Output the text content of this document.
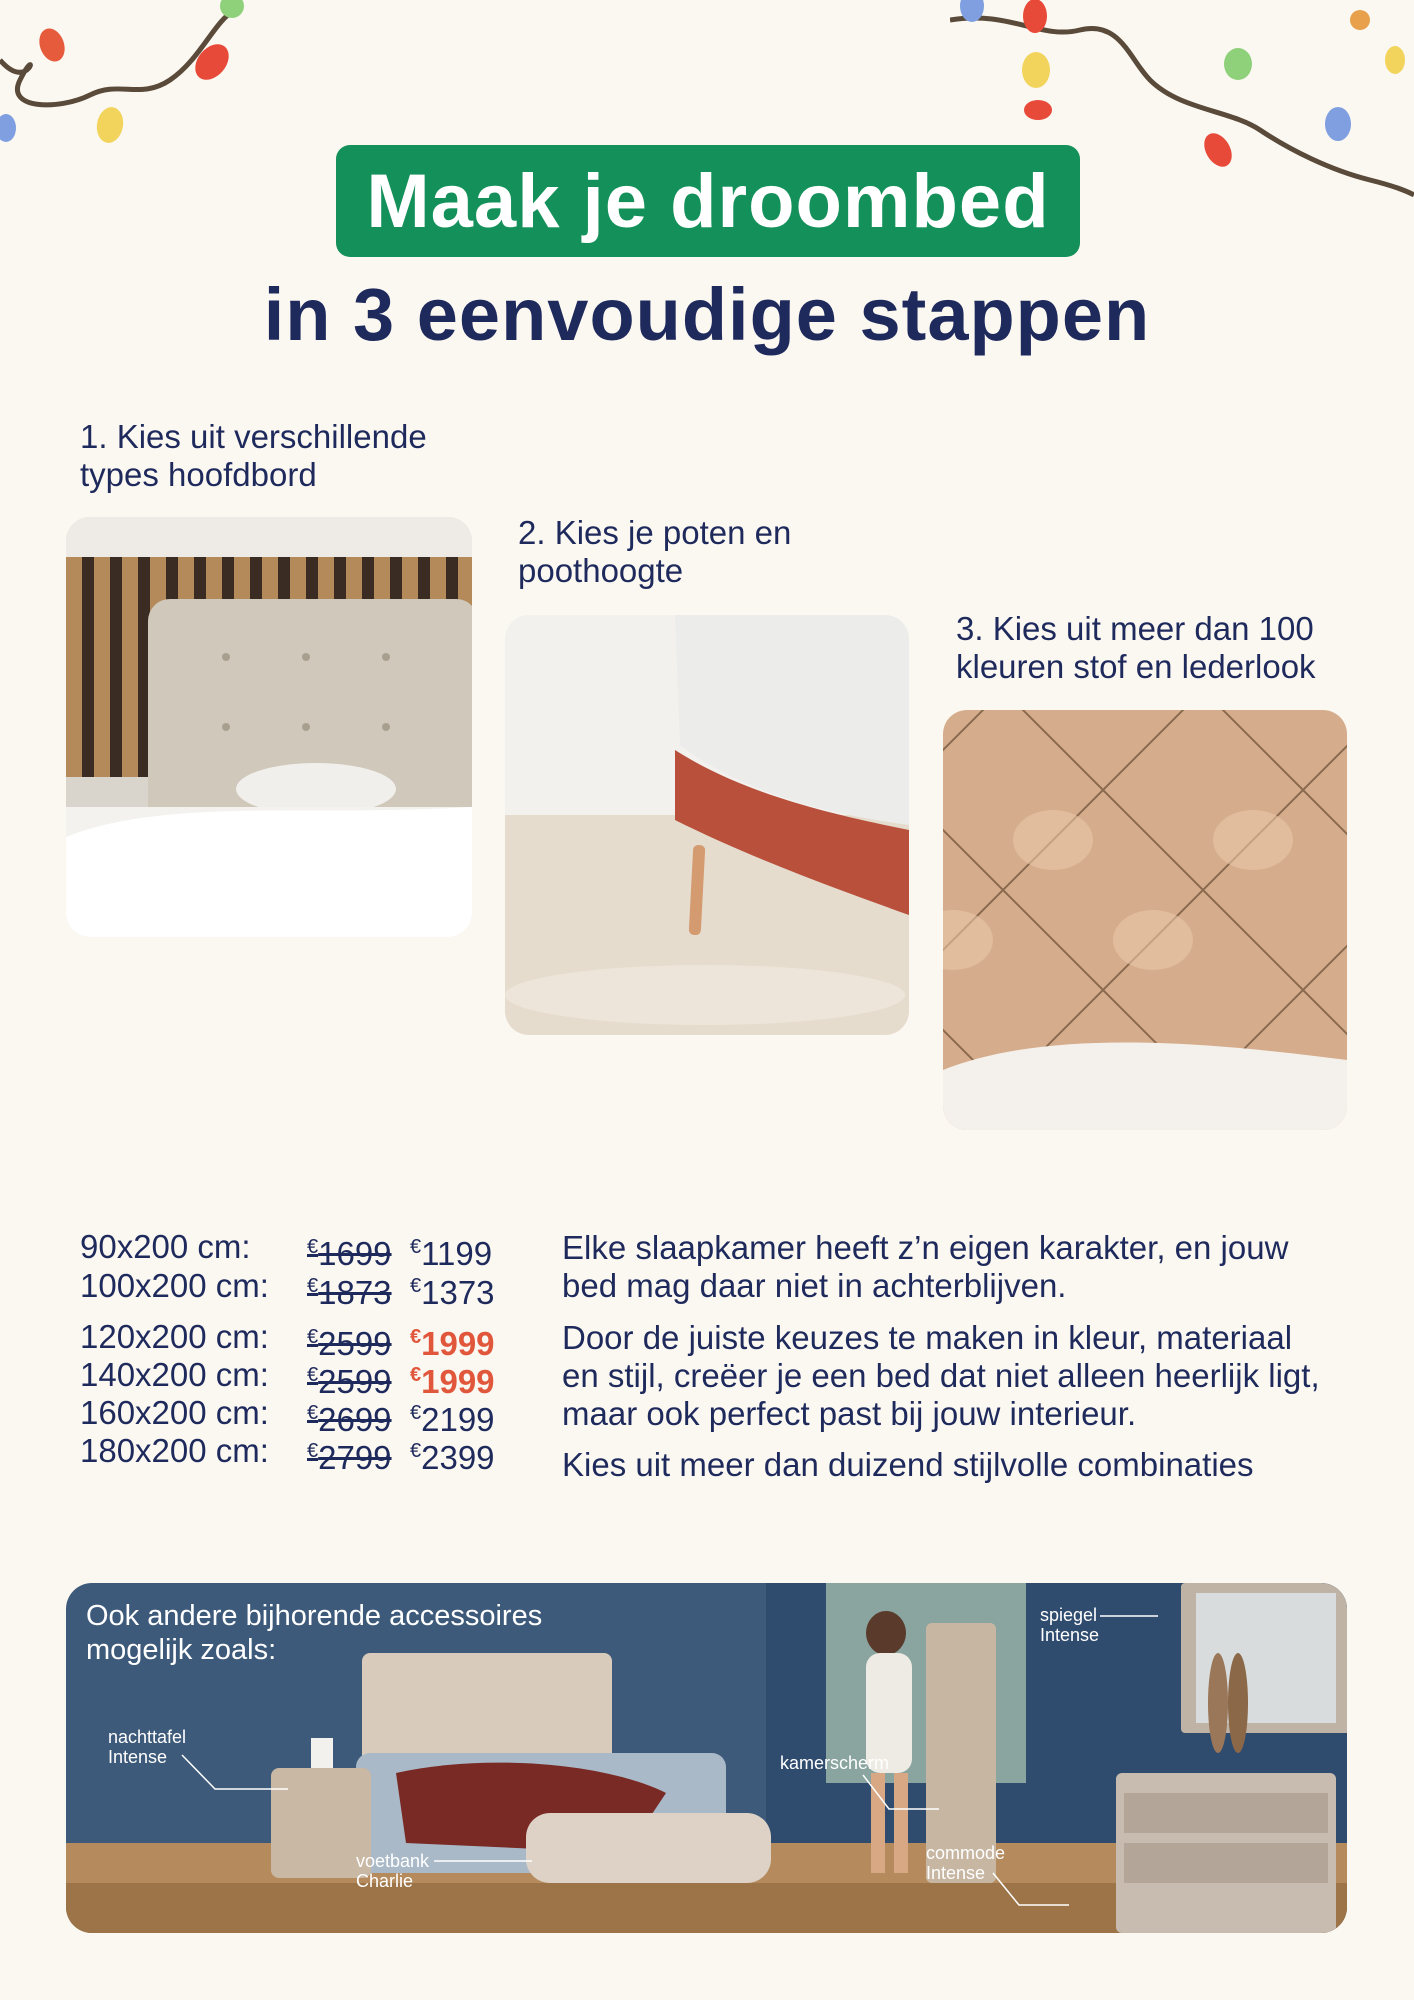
Maak je droombed
in 3 eenvoudige stappen
1. Kies uit verschillende
types hoofdbord
2. Kies je poten en
poothoogte
3. Kies uit meer dan 100
kleuren stof en lederlook
90x200 cm:	€1699 €1199
100x200 cm: €1873 €1373
120x200 cm: €2599 €1999
140x200 cm: €2599 €1999
160x200 cm: €2699 €2199
180x200 cm: €2799 €2399
Elke slaapkamer heeft z’n eigen karakter, en jouw
bed mag daar niet in achterblijven.
Door de juiste keuzes te maken in kleur, materiaal
en stijl, creëer je een bed dat niet alleen heerlijk ligt,
maar ook perfect past bij jouw interieur.
Kies uit meer dan duizend stijlvolle combinaties
Ook andere bijhorende accessoires
mogelijk zoals:
nachttafel
Intense
voetbank
Charlie
kamerscherm
commode
Intense
spiegel
Intense
